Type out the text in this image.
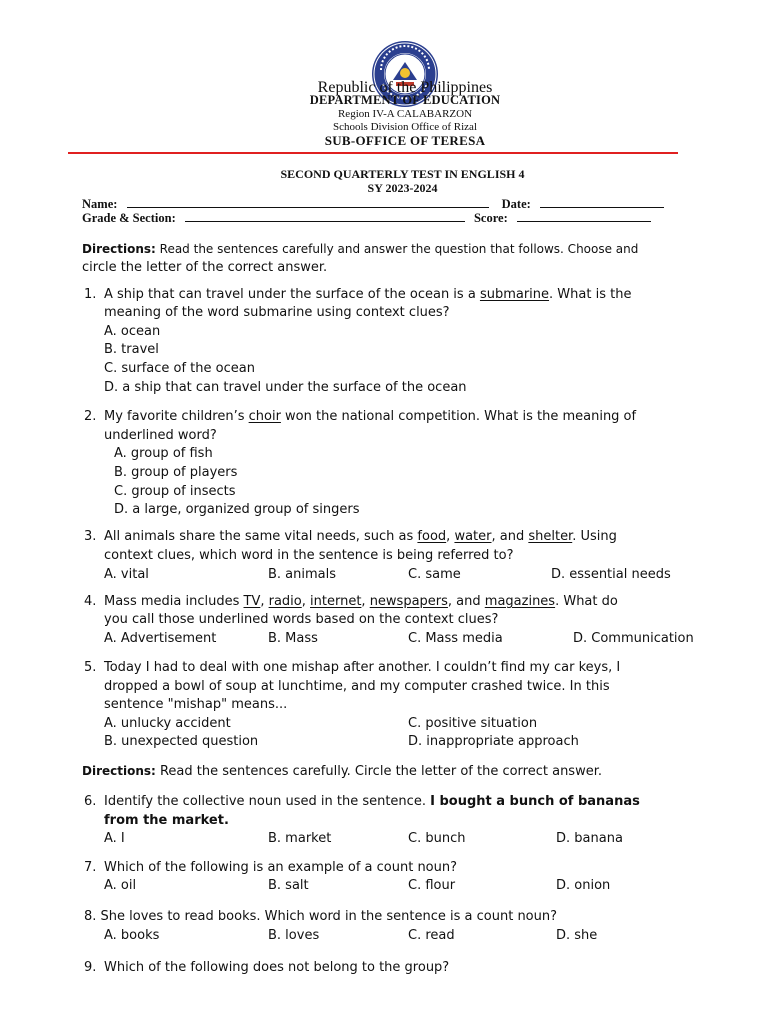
Republic of the Philippines
DEPARTMENT OF EDUCATION
Region IV-A CALABARZON
Schools Division Office of Rizal
SUB-OFFICE OF TERESA
SECOND QUARTERLY TEST IN ENGLISH 4
SY 2023-2024
Name:	Date:
Grade & Section:	Score:
Directions: Read the sentences carefully and answer the question that follows. Choose and
circle the letter of the correct answer.
1. A ship that can travel under the surface of the ocean is a submarine. What is the
meaning of the word submarine using context clues?
A. ocean
B. travel
C. surface of the ocean
D. a ship that can travel under the surface of the ocean
2. My favorite children’s choir won the national competition. What is the meaning of
underlined word?
A. group of fish
B. group of players
C. group of insects
D. a large, organized group of singers
3. All animals share the same vital needs, such as food, water, and shelter. Using
context clues, which word in the sentence is being referred to?
A. vital	B. animals	C. same	D. essential needs
4. Mass media includes TV, radio, internet, newspapers, and magazines. What do
you call those underlined words based on the context clues?
A. Advertisement	B. Mass	C. Mass media	D. Communication
5. Today I had to deal with one mishap after another. I couldn’t find my car keys, I
dropped a bowl of soup at lunchtime, and my computer crashed twice. In this
sentence "mishap" means...
A. unlucky accident	C. positive situation
B. unexpected question	D. inappropriate approach
Directions: Read the sentences carefully. Circle the letter of the correct answer.
6. Identify the collective noun used in the sentence. I bought a bunch of bananas
from the market.
A. I	B. market	C. bunch	D. banana
7. Which of the following is an example of a count noun?
A. oil	B. salt	C. flour	D. onion
8. She loves to read books. Which word in the sentence is a count noun?
A. books	B. loves	C. read	D. she
9. Which of the following does not belong to the group?
